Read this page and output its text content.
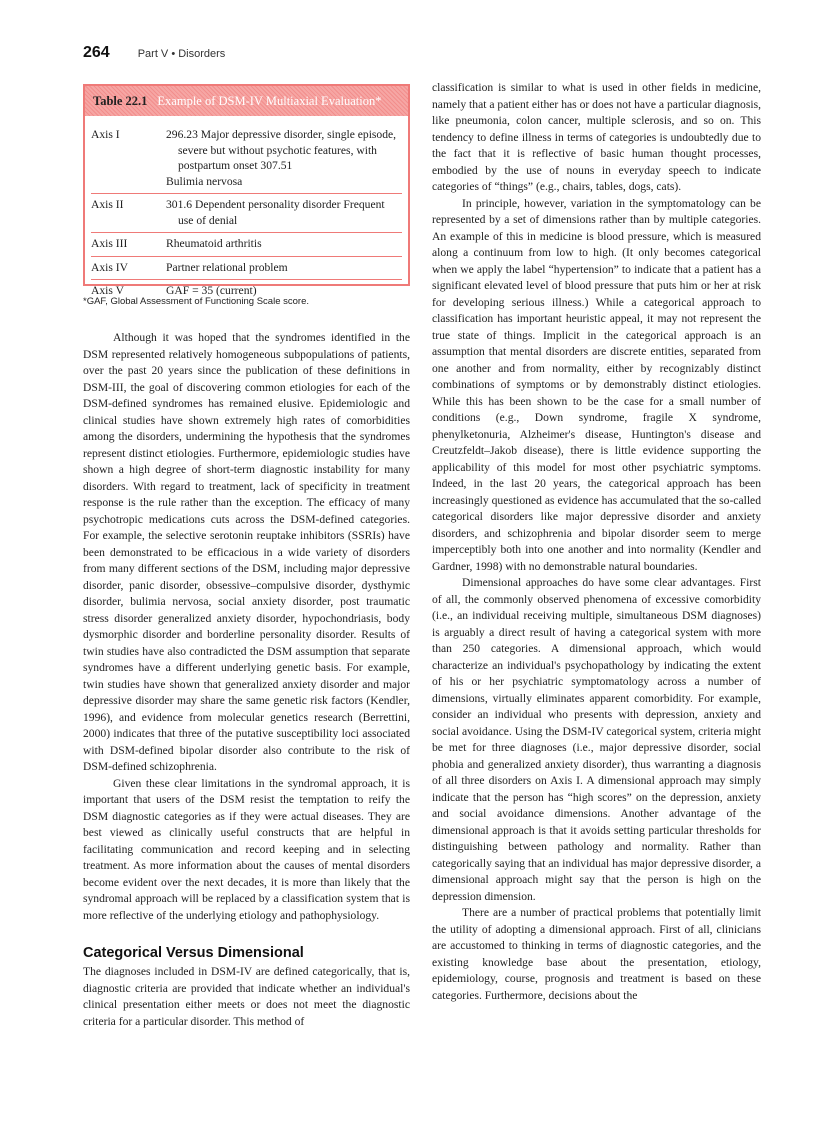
264	Part V • Disorders
Table 22.1 Example of DSM-IV Multiaxial Evaluation*
Axis I	296.23 Major depressive disorder, single episode, severe but without psychotic features, with postpartum onset 307.51
Bulimia nervosa
Axis II	301.6 Dependent personality disorder Frequent use of denial
Axis III	Rheumatoid arthritis
Axis IV	Partner relational problem
Axis V	GAF = 35 (current)
*GAF, Global Assessment of Functioning Scale score.

Although it was hoped that the syndromes identified in the DSM represented relatively homogeneous subpopulations of patients, over the past 20 years since the publication of these definitions in DSM-III, the goal of discovering common etiologies for each of the DSM-defined syndromes has remained elusive. Epidemiologic and clinical studies have shown extremely high rates of comorbidities among the disorders, undermining the hypothesis that the syndromes represent distinct etiologies. Furthermore, epidemiologic studies have shown a high degree of short-term diagnostic instability for many disorders. With regard to treatment, lack of specificity in treatment response is the rule rather than the exception. The efficacy of many psychotropic medications cuts across the DSM-defined categories. For example, the selective serotonin reuptake inhibitors (SSRIs) have been demonstrated to be efficacious in a wide variety of disorders from many different sections of the DSM, including major depressive disorder, panic disorder, obsessive–compulsive disorder, dysthymic disorder, bulimia nervosa, social anxiety disorder, post traumatic stress disorder generalized anxiety disorder, hypochondriasis, body dysmorphic disorder and borderline personality disorder. Results of twin studies have also contradicted the DSM assumption that separate syndromes have a different underlying genetic basis. For example, twin studies have shown that generalized anxiety disorder and major depressive disorder may share the same genetic risk factors (Kendler, 1996), and evidence from molecular genetics research (Berrettini, 2000) indicates that three of the putative susceptibility loci associated with DSM-defined bipolar disorder also contribute to the risk of DSM-defined schizophrenia.

Given these clear limitations in the syndromal approach, it is important that users of the DSM resist the temptation to reify the DSM diagnostic categories as if they were actual diseases. They are best viewed as clinically useful constructs that are helpful in facilitating communication and record keeping and in selecting treatment. As more information about the causes of mental disorders become evident over the next decades, it is more than likely that the syndromal approach will be replaced by a classification system that is more reflective of the underlying etiology and pathophysiology.

Categorical Versus Dimensional

The diagnoses included in DSM-IV are defined categorically, that is, diagnostic criteria are provided that indicate whether an individual's clinical presentation either meets or does not meet the diagnostic criteria for a particular disorder. This method of

classification is similar to what is used in other fields in medicine, namely that a patient either has or does not have a particular diagnosis, like pneumonia, colon cancer, multiple sclerosis, and so on. This tendency to define illness in terms of categories is undoubtedly due to the fact that it is reflective of basic human thought processes, embodied by the use of nouns in everyday speech to indicate categories of “things” (e.g., chairs, tables, dogs, cats).

In principle, however, variation in the symptomatology can be represented by a set of dimensions rather than by multiple categories. An example of this in medicine is blood pressure, which is measured along a continuum from low to high. (It only becomes categorical when we apply the label “hypertension” to indicate that a patient has a significant elevated level of blood pressure that puts him or her at risk for developing serious illness.) While a categorical approach to classification has important heuristic appeal, it may not represent the true state of things. Implicit in the categorical approach is an assumption that mental disorders are discrete entities, separated from one another and from normality, either by recognizably distinct combinations of symptoms or by demonstrably distinct etiologies. While this has been shown to be the case for a small number of conditions (e.g., Down syndrome, fragile X syndrome, phenylketonuria, Alzheimer's disease, Huntington's disease and Creutzfeldt–Jakob disease), there is little evidence supporting the applicability of this model for most other psychiatric symptoms. Indeed, in the last 20 years, the categorical approach has been increasingly questioned as evidence has accumulated that the so-called categorical disorders like major depressive disorder and anxiety disorders, and schizophrenia and bipolar disorder seem to merge imperceptibly both into one another and into normality (Kendler and Gardner, 1998) with no demonstrable natural boundaries.

Dimensional approaches do have some clear advantages. First of all, the commonly observed phenomena of excessive comorbidity (i.e., an individual receiving multiple, simultaneous DSM diagnoses) is arguably a direct result of having a categorical system with more than 250 categories. A dimensional approach, which would characterize an individual's psychopathology by indicating the extent of his or her psychiatric symptomatology across a number of dimensions, virtually eliminates apparent comorbidity. For example, consider an individual who presents with depression, anxiety and social avoidance. Using the DSM-IV categorical system, criteria might be met for three diagnoses (i.e., major depressive disorder, social phobia and generalized anxiety disorder), thus warranting a diagnosis of all three disorders on Axis I. A dimensional approach may simply indicate that the person has “high scores” on the depression, anxiety and social avoidance dimensions. Another advantage of the dimensional approach is that it avoids setting particular thresholds for distinguishing between pathology and normality. Rather than categorically saying that an individual has major depressive disorder, a dimensional approach might say that the person is high on the depression dimension.

There are a number of practical problems that potentially limit the utility of adopting a dimensional approach. First of all, clinicians are accustomed to thinking in terms of diagnostic categories, and the existing knowledge base about the presentation, etiology, epidemiology, course, prognosis and treatment is based on these categories. Furthermore, decisions about the
